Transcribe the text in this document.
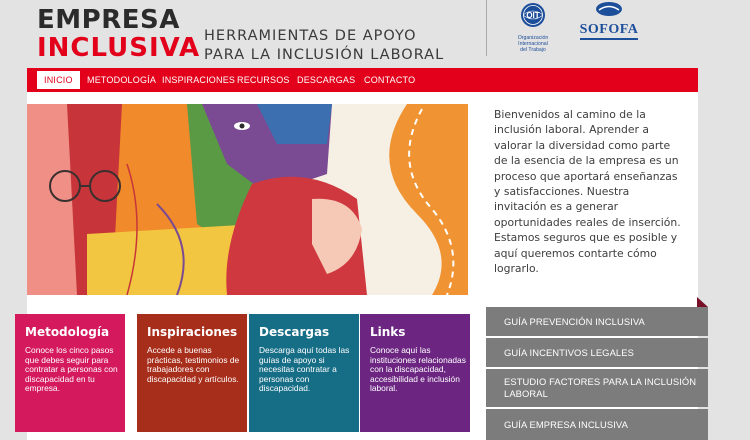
EMPRESA
INCLUSIVA HERRAMIENTAS DE APOYO
PARA LA INCLUSIÓN LABORAL
OIT
Organización
Internacional
del Trabajo
SOFOFA
INICIO	METODOLOGÍA INSPIRACIONES RECURSOS DESCARGAS CONTACTO
Bienvenidos al camino de la inclusión laboral. Aprender a valorar la diversidad como parte de la esencia de la empresa es un proceso que aportará enseñanzas y satisfacciones. Nuestra invitación es a generar oportunidades reales de inserción. Estamos seguros que es posible y aquí queremos contarte cómo lograrlo.
Metodología
Conoce los cinco pasos que debes seguir para contratar a personas con discapacidad en tu empresa.
Inspiraciones
Accede a buenas prácticas, testimonios de trabajadores con discapacidad y artículos.
Descargas
Descarga aquí todas las guías de apoyo si necesitas contratar a personas con discapacidad.
Links
Conoce aquí las instituciones relacionadas con la discapacidad, accesibilidad e inclusión laboral.
GUÍA PREVENCIÓN INCLUSIVA
GUÍA INCENTIVOS LEGALES
ESTUDIO FACTORES PARA LA INCLUSIÓN LABORAL
GUÍA EMPRESA INCLUSIVA
